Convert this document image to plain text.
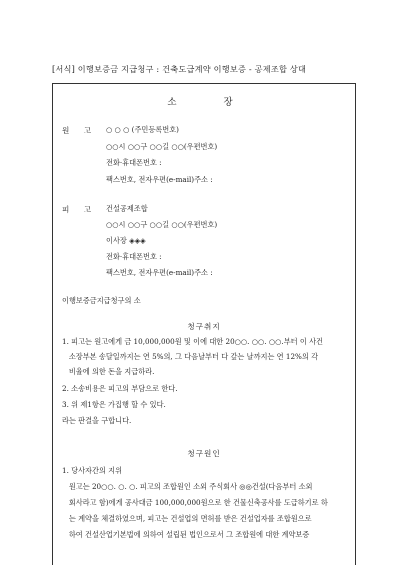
[서식] 이행보증금 지급청구 : 건축도급계약 이행보증 - 공제조합 상대
소 장
원 고 ○ ○ ○ (주민등록번호)
○○시 ○○구 ○○길 ○○(우편번호)
전화·휴대폰번호 :
팩스번호, 전자우편(e-mail)주소 :
피 고 건설공제조합
○○시 ○○구 ○○길 ○○(우편번호)
이사장 ◈◈◈
전화·휴대폰번호 :
팩스번호, 전자우편(e-mail)주소 :
이행보증금지급청구의 소
청구취지
1. 피고는 원고에게 금 10,000,000원 및 이에 대한 20○○. ○○. ○○.부터 이 사건
소장부본 송달일까지는 연 5%의, 그 다음날부터 다 갚는 날까지는 연 12%의 각
비율에 의한 돈을 지급하라.
2. 소송비용은 피고의 부담으로 한다.
3. 위 제1항은 가집행 할 수 있다.
라는 판결을 구합니다.
청구원인
1. 당사자간의 지위
원고는 20○○. ○. ○. 피고의 조합원인 소외 주식회사 ◎◎건설(다음부터 소외
회사라고 함)에게 공사대금 100,000,000원으로 한 건물신축공사를 도급하기로 하
는 계약을 체결하였으며, 피고는 건설업의 면허를 받은 건설업자를 조합원으로
하여 건설산업기본법에 의하여 설립된 법인으로서 그 조합원에 대한 계약보증
